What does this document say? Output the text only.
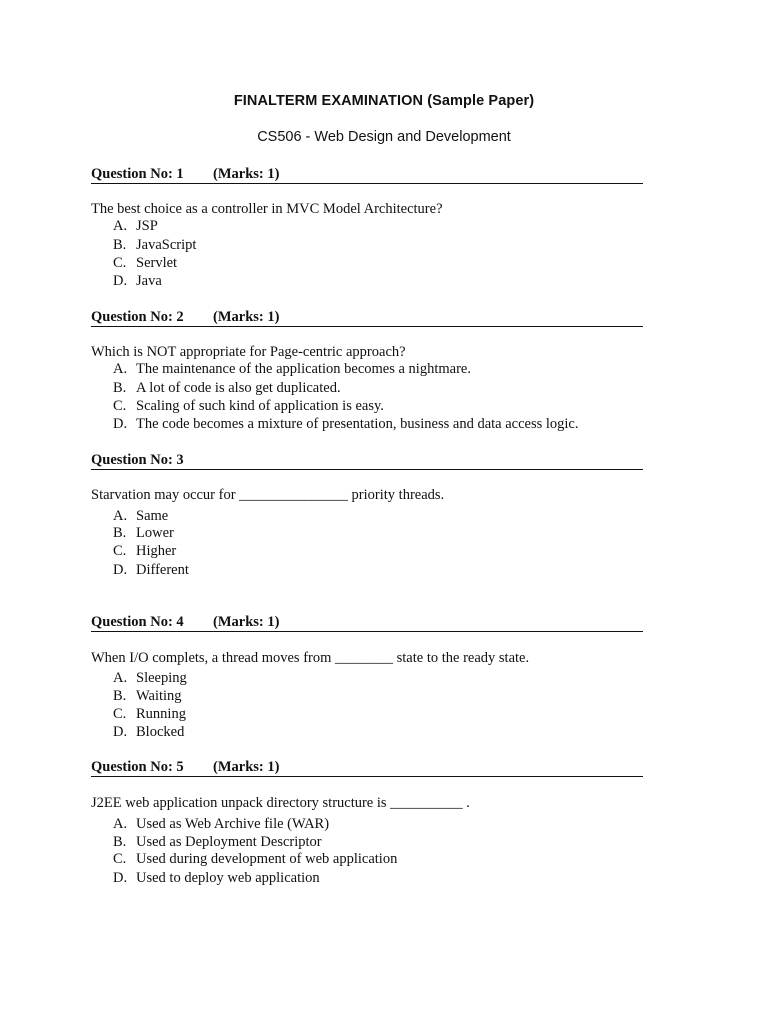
FINALTERM EXAMINATION (Sample Paper)
CS506 - Web Design and Development
Question No: 1 (Marks: 1)
The best choice as a controller in MVC Model Architecture?
A. JSP
B. JavaScript
C. Servlet
D. Java
Question No: 2 (Marks: 1)
Which is NOT appropriate for Page-centric approach?
A. The maintenance of the application becomes a nightmare.
B. A lot of code is also get duplicated.
C. Scaling of such kind of application is easy.
D. The code becomes a mixture of presentation, business and data access logic.
Question No: 3
Starvation may occur for _______________ priority threads.
A. Same
B. Lower
C. Higher
D. Different
Question No: 4 (Marks: 1)
When I/O complets, a thread moves from ________ state to the ready state.
A. Sleeping
B. Waiting
C. Running
D. Blocked
Question No: 5 (Marks: 1)
J2EE web application unpack directory structure is __________ .
A. Used as Web Archive file (WAR)
B. Used as Deployment Descriptor
C. Used during development of web application
D. Used to deploy web application
